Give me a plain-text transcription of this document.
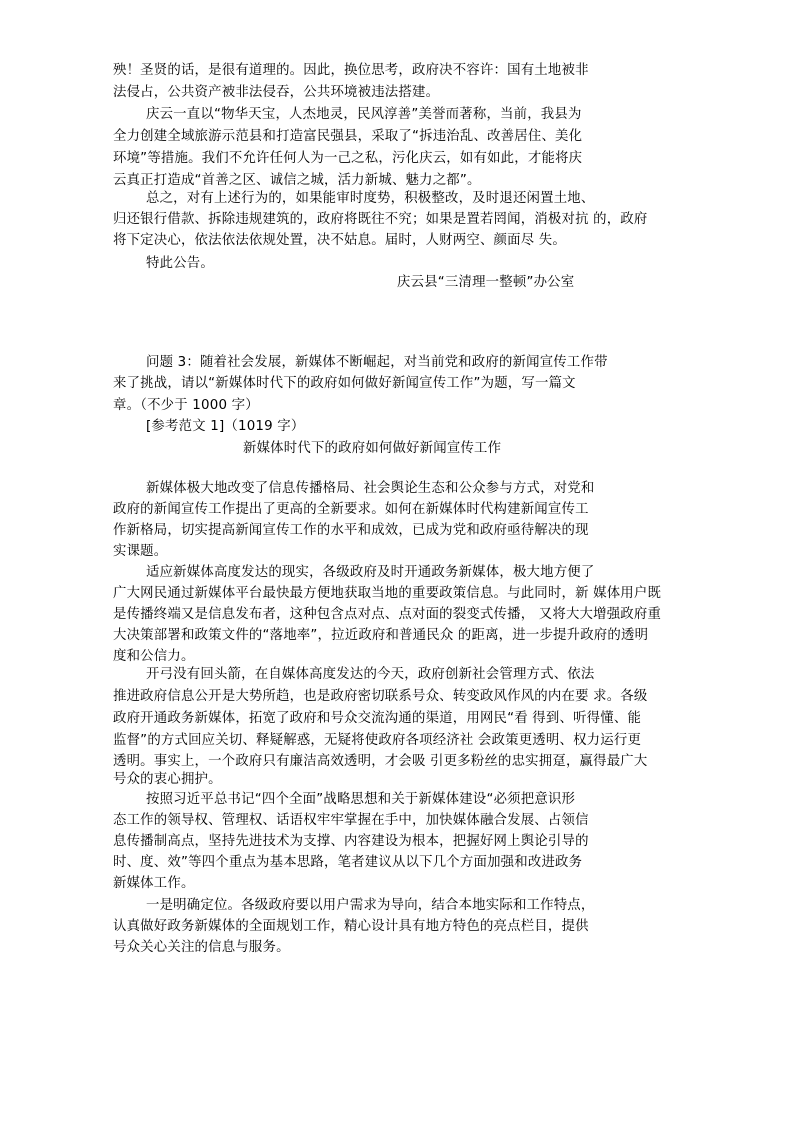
殃！圣贤的话，是很有道理的。因此，换位思考，政府决不容许：国有土地被非
法侵占，公共资产被非法侵吞，公共环境被违法搭建。
庆云一直以“物华天宝，人杰地灵，民风淳善”美誉而著称，当前，我县为
全力创建全域旅游示范县和打造富民强县，采取了“拆违治乱、改善居住、美化
环境”等措施。我们不允许任何人为一己之私，污化庆云，如有如此，才能将庆
云真正打造成“首善之区、诚信之城，活力新城、魅力之都”。
总之，对有上述行为的，如果能审时度势，积极整改，及时退还闲置土地、
归还银行借款、拆除违规建筑的，政府将既往不究；如果是置若罔闻，消极对抗 的，政府
将下定决心，依法依法依规处置，决不姑息。届时，人财两空、颜面尽 失。
特此公告。
庆云县“三清理一整顿”办公室
问题 3：随着社会发展，新媒体不断崛起，对当前党和政府的新闻宣传工作带
来了挑战，请以“新媒体时代下的政府如何做好新闻宣传工作”为题，写一篇文
章。（不少于 1000 字）
[参考范文 1]（1019 字）
新媒体时代下的政府如何做好新闻宣传工作
新媒体极大地改变了信息传播格局、社会舆论生态和公众参与方式，对党和
政府的新闻宣传工作提出了更高的全新要求。如何在新媒体时代构建新闻宣传工
作新格局，切实提高新闻宣传工作的水平和成效，已成为党和政府亟待解决的现
实课题。
适应新媒体高度发达的现实，各级政府及时开通政务新媒体，极大地方便了
广大网民通过新媒体平台最快最方便地获取当地的重要政策信息。与此同时，新 媒体用户既
是传播终端又是信息发布者，这种包含点对点、点对面的裂变式传播， 又将大大增强政府重
大决策部署和政策文件的“落地率”，拉近政府和普通民众 的距离，进一步提升政府的透明
度和公信力。
开弓没有回头箭，在自媒体高度发达的今天，政府创新社会管理方式、依法
推进政府信息公开是大势所趋，也是政府密切联系号众、转变政风作风的内在要 求。各级
政府开通政务新媒体，拓宽了政府和号众交流沟通的渠道，用网民“看 得到、听得懂、能
监督”的方式回应关切、释疑解惑，无疑将使政府各项经济社 会政策更透明、权力运行更
透明。事实上，一个政府只有廉洁高效透明，才会吸 引更多粉丝的忠实拥趸，赢得最广大
号众的衷心拥护。
按照习近平总书记“四个全面”战略思想和关于新媒体建设“必须把意识形
态工作的领导权、管理权、话语权牢牢掌握在手中，加快媒体融合发展、占领信
息传播制高点，坚持先进技术为支撑、内容建设为根本，把握好网上舆论引导的
时、度、效”等四个重点为基本思路，笔者建议从以下几个方面加强和改进政务
新媒体工作。
一是明确定位。各级政府要以用户需求为导向，结合本地实际和工作特点，
认真做好政务新媒体的全面规划工作，精心设计具有地方特色的亮点栏目，提供
号众关心关注的信息与服务。
